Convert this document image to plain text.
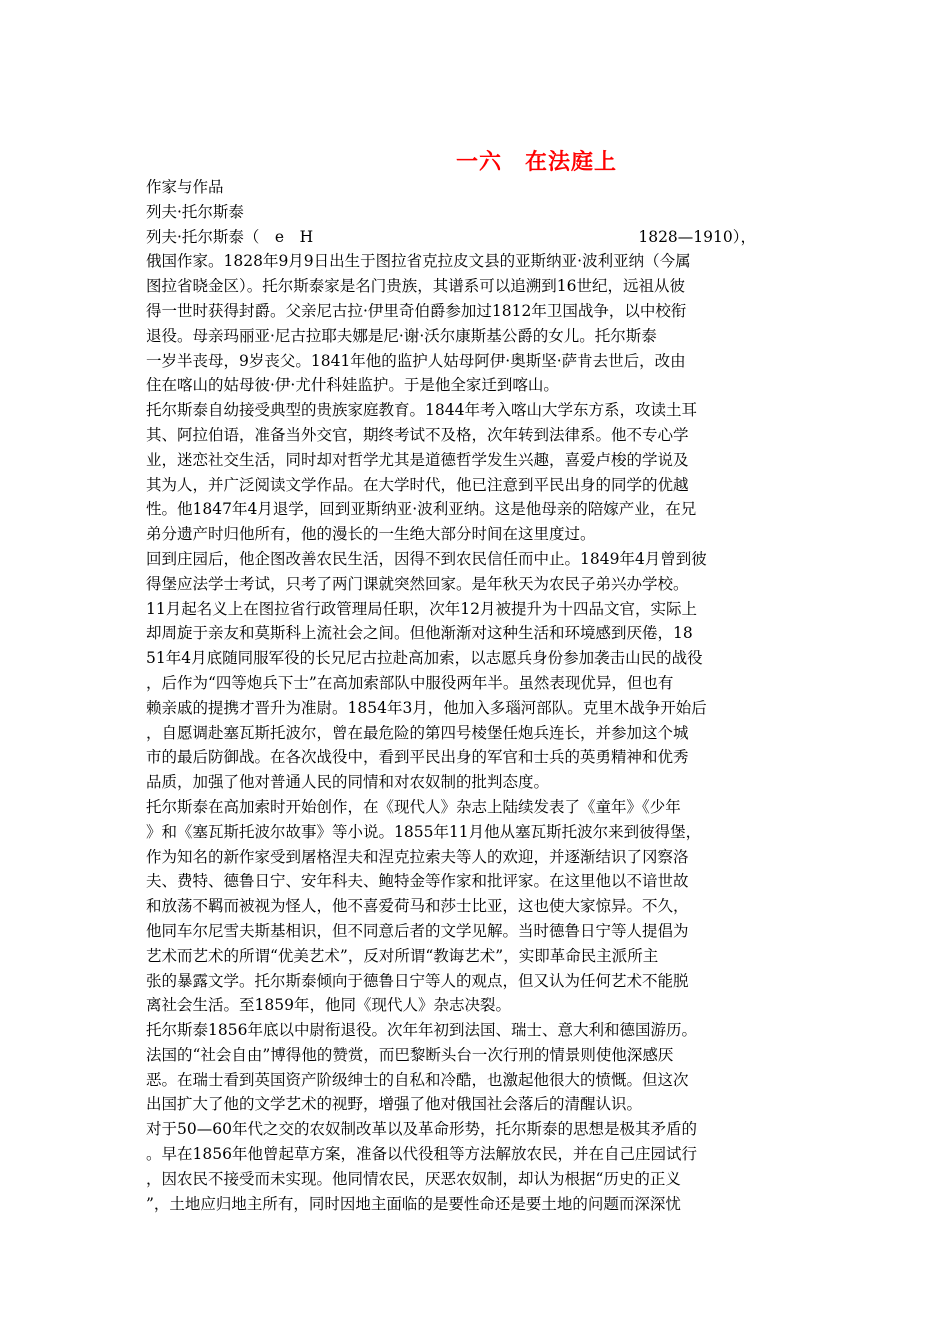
一六　在法庭上
作家与作品
列夫·托尔斯泰
列夫·托尔斯泰（　e　H	1828—1910），
俄国作家。1828年9月9日出生于图拉省克拉皮文县的亚斯纳亚·波利亚纳（今属
图拉省晓金区）。托尔斯泰家是名门贵族，其谱系可以追溯到16世纪，远祖从彼
得一世时获得封爵。父亲尼古拉·伊里奇伯爵参加过1812年卫国战争，以中校衔
退役。母亲玛丽亚·尼古拉耶夫娜是尼·谢·沃尔康斯基公爵的女儿。托尔斯泰
一岁半丧母，9岁丧父。1841年他的监护人姑母阿伊·奥斯坚·萨肯去世后，改由
住在喀山的姑母彼·伊·尤什科娃监护。于是他全家迁到喀山。
托尔斯泰自幼接受典型的贵族家庭教育。1844年考入喀山大学东方系，攻读土耳
其、阿拉伯语，准备当外交官，期终考试不及格，次年转到法律系。他不专心学
业，迷恋社交生活，同时却对哲学尤其是道德哲学发生兴趣，喜爱卢梭的学说及
其为人，并广泛阅读文学作品。在大学时代，他已注意到平民出身的同学的优越
性。他1847年4月退学，回到亚斯纳亚·波利亚纳。这是他母亲的陪嫁产业，在兄
弟分遗产时归他所有，他的漫长的一生绝大部分时间在这里度过。
回到庄园后，他企图改善农民生活，因得不到农民信任而中止。1849年4月曾到彼
得堡应法学士考试，只考了两门课就突然回家。是年秋天为农民子弟兴办学校。
11月起名义上在图拉省行政管理局任职，次年12月被提升为十四品文官，实际上
却周旋于亲友和莫斯科上流社会之间。但他渐渐对这种生活和环境感到厌倦，18
51年4月底随同服军役的长兄尼古拉赴高加索，以志愿兵身份参加袭击山民的战役
，后作为“四等炮兵下士”在高加索部队中服役两年半。虽然表现优异，但也有
赖亲戚的提携才晋升为准尉。1854年3月，他加入多瑙河部队。克里木战争开始后
，自愿调赴塞瓦斯托波尔，曾在最危险的第四号棱堡任炮兵连长，并参加这个城
市的最后防御战。在各次战役中，看到平民出身的军官和士兵的英勇精神和优秀
品质，加强了他对普通人民的同情和对农奴制的批判态度。
托尔斯泰在高加索时开始创作，在《现代人》杂志上陆续发表了《童年》《少年
》和《塞瓦斯托波尔故事》等小说。1855年11月他从塞瓦斯托波尔来到彼得堡，
作为知名的新作家受到屠格涅夫和涅克拉索夫等人的欢迎，并逐渐结识了冈察洛
夫、费特、德鲁日宁、安年科夫、鲍特金等作家和批评家。在这里他以不谙世故
和放荡不羁而被视为怪人，他不喜爱荷马和莎士比亚，这也使大家惊异。不久，
他同车尔尼雪夫斯基相识，但不同意后者的文学见解。当时德鲁日宁等人提倡为
艺术而艺术的所谓“优美艺术”，反对所谓“教诲艺术”，实即革命民主派所主
张的暴露文学。托尔斯泰倾向于德鲁日宁等人的观点，但又认为任何艺术不能脱
离社会生活。至1859年，他同《现代人》杂志决裂。
托尔斯泰1856年底以中尉衔退役。次年年初到法国、瑞士、意大利和德国游历。
法国的“社会自由”博得他的赞赏，而巴黎断头台一次行刑的情景则使他深感厌
恶。在瑞士看到英国资产阶级绅士的自私和冷酷，也激起他很大的愤慨。但这次
出国扩大了他的文学艺术的视野，增强了他对俄国社会落后的清醒认识。
对于50—60年代之交的农奴制改革以及革命形势，托尔斯泰的思想是极其矛盾的
。早在1856年他曾起草方案，准备以代役租等方法解放农民，并在自己庄园试行
，因农民不接受而未实现。他同情农民，厌恶农奴制，却认为根据“历史的正义
”，土地应归地主所有，同时因地主面临的是要性命还是要土地的问题而深深忧
